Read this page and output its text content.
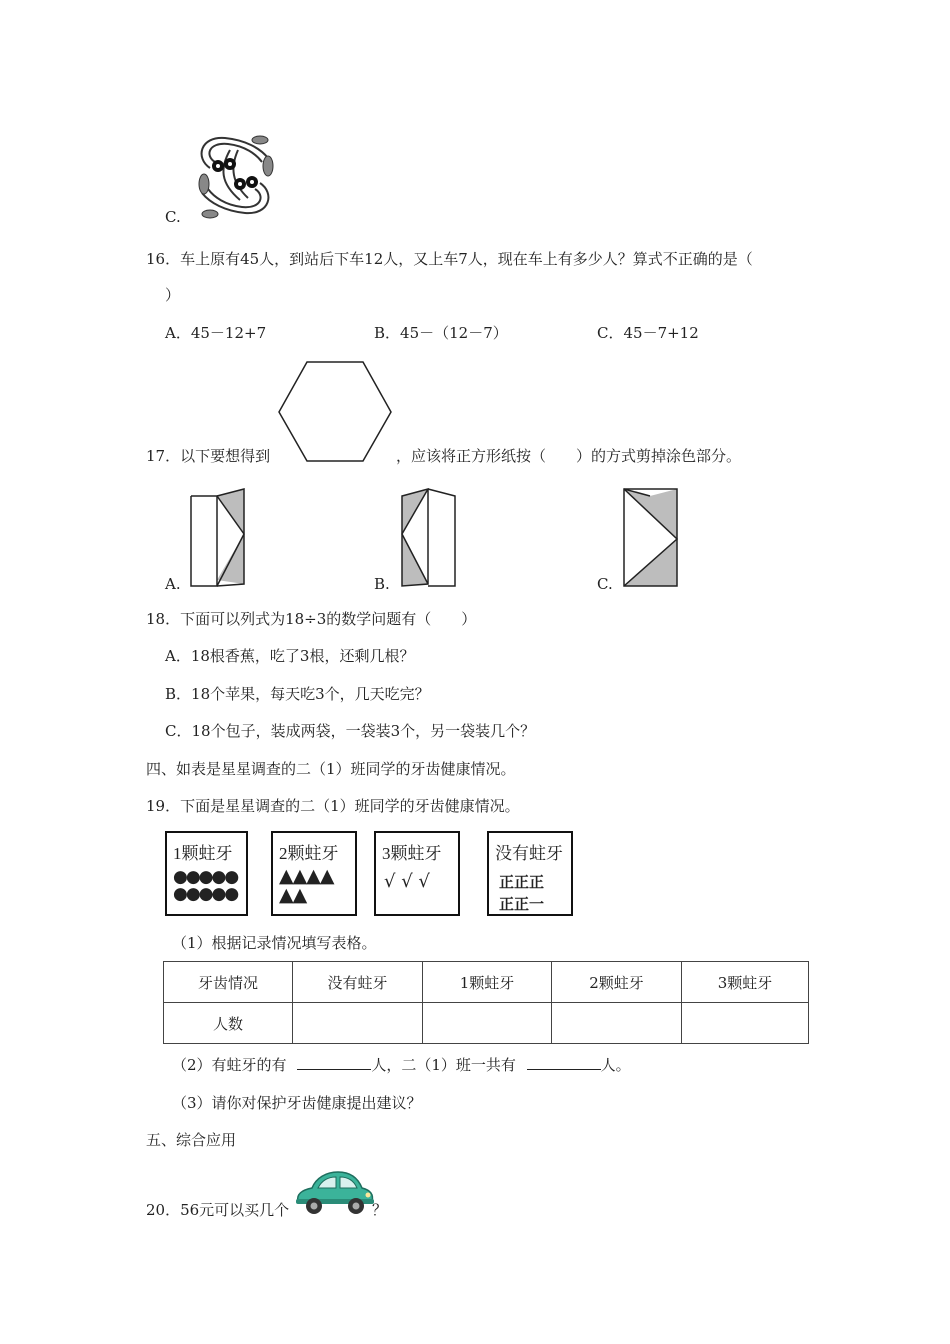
C.
16．车上原有45人，到站后下车12人，又上车7人，现在车上有多少人？算式不正确的是（
）
A．45－12+7	B．45－（12－7）	C．45－7+12
17．以下要想得到	，应该将正方形纸按（　　）的方式剪掉涂色部分。
A.	B.	C.
18．下面可以列式为18÷3的数学问题有（　　）
A．18根香蕉，吃了3根，还剩几根？
B．18个苹果，每天吃3个，几天吃完？
C．18个包子，装成两袋，一袋装3个，另一袋装几个？
四、如表是星星调查的二（1）班同学的牙齿健康情况。
19．下面是星星调查的二（1）班同学的牙齿健康情况。
1颗蛀牙
●●●●●●●●●●
2颗蛀牙
▲▲▲▲▲▲
3颗蛀牙
√ √ √
没有蛀牙
正正正
正正一
（1）根据记录情况填写表格。
牙齿情况	没有蛀牙	1颗蛀牙	2颗蛀牙	3颗蛀牙
人数				
（2）有蛀牙的有	人，二（1）班一共有	人。
（3）请你对保护牙齿健康提出建议？
五、综合应用
20．56元可以买几个	？
